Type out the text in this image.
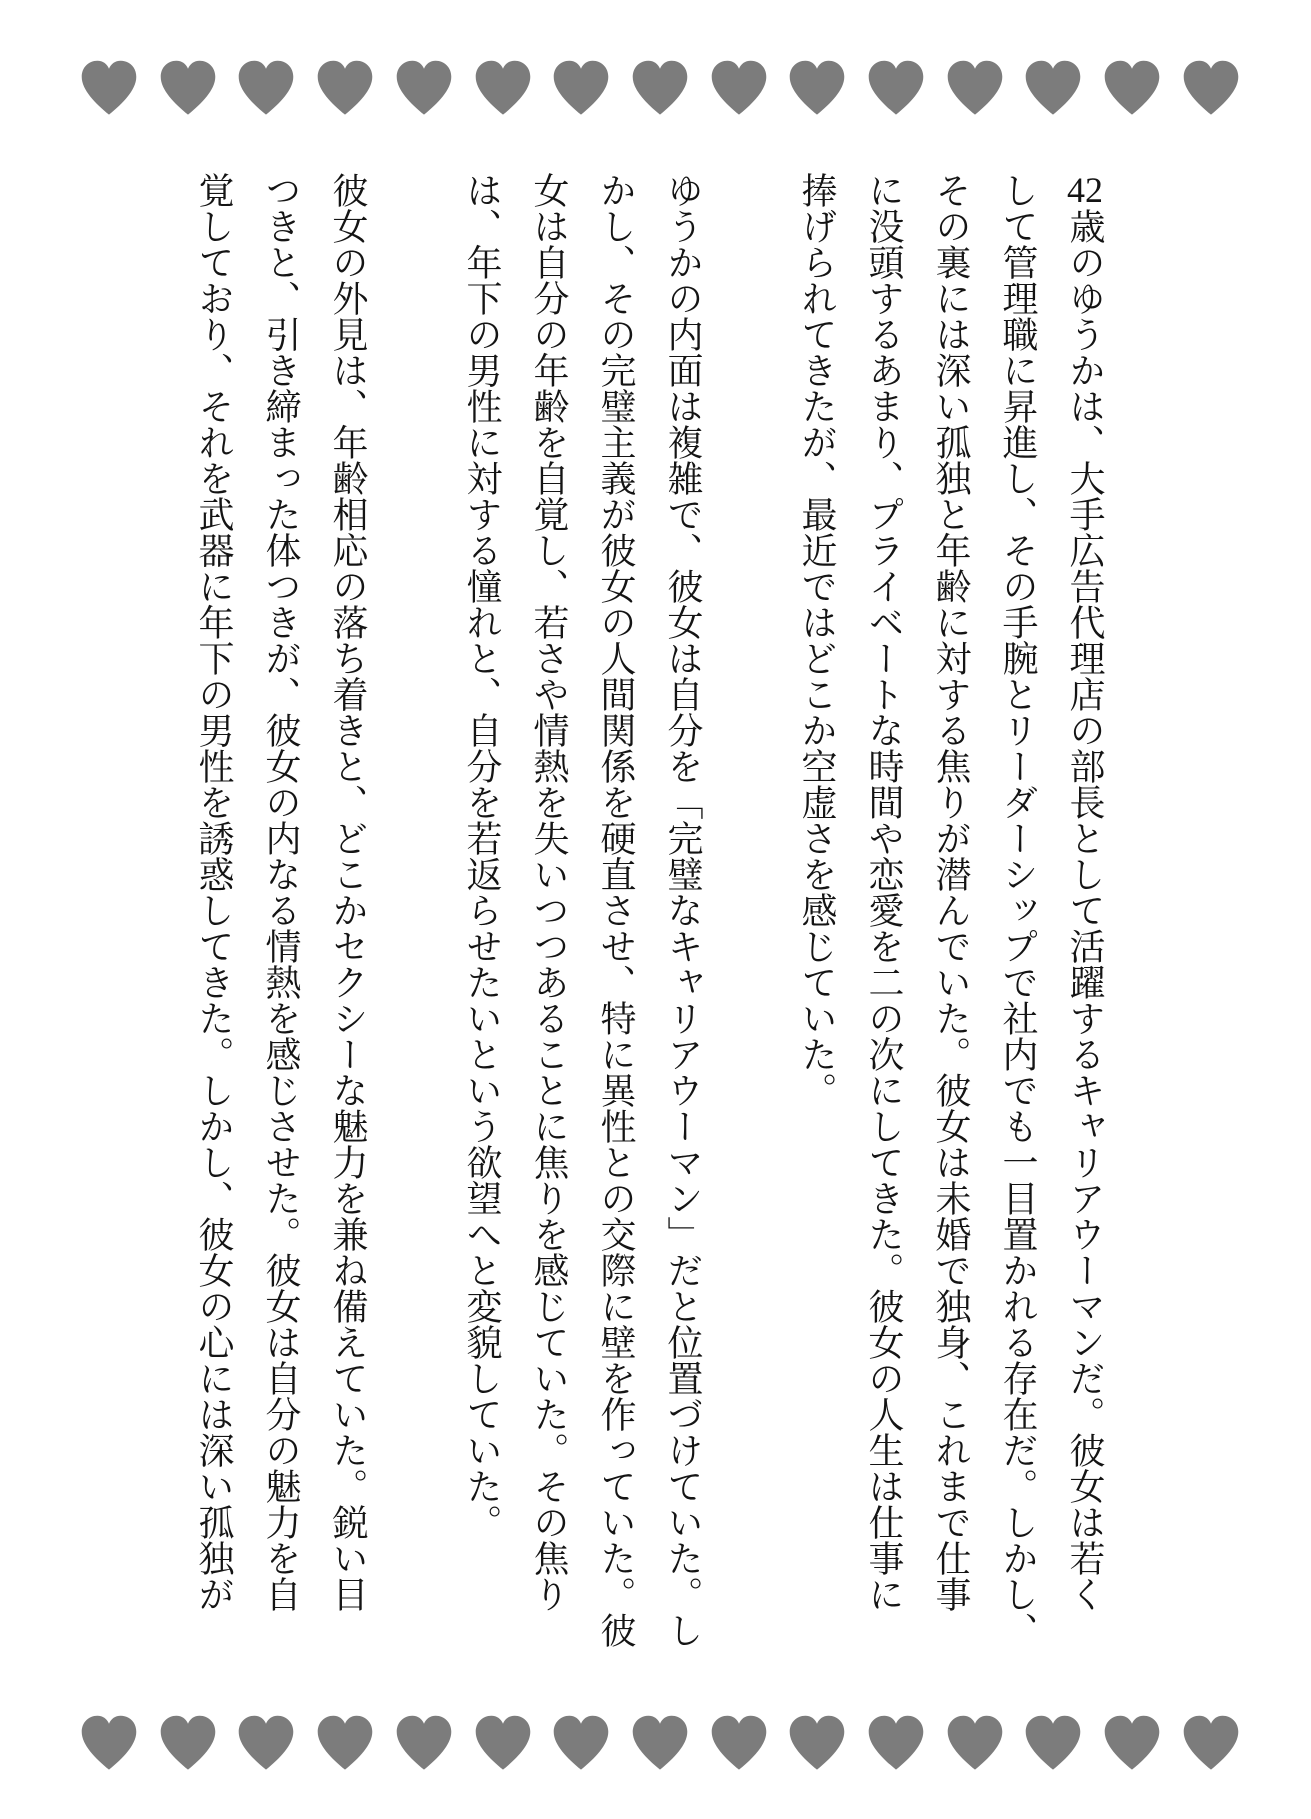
42歳のゆうかは、大手広告代理店の部長として活躍するキャリアウーマンだ。彼女は若く
して管理職に昇進し、その手腕とリーダーシップで社内でも一目置かれる存在だ。しかし、
その裏には深い孤独と年齢に対する焦りが潜んでいた。彼女は未婚で独身、これまで仕事
に没頭するあまり、プライベートな時間や恋愛を二の次にしてきた。彼女の人生は仕事に
捧げられてきたが、最近ではどこか空虚さを感じていた。

ゆうかの内面は複雑で、彼女は自分を「完璧なキャリアウーマン」だと位置づけていた。し
かし、その完璧主義が彼女の人間関係を硬直させ、特に異性との交際に壁を作っていた。彼
女は自分の年齢を自覚し、若さや情熱を失いつつあることに焦りを感じていた。その焦り
は、年下の男性に対する憧れと、自分を若返らせたいという欲望へと変貌していた。

彼女の外見は、年齢相応の落ち着きと、どこかセクシーな魅力を兼ね備えていた。鋭い目
つきと、引き締まった体つきが、彼女の内なる情熱を感じさせた。彼女は自分の魅力を自
覚しており、それを武器に年下の男性を誘惑してきた。しかし、彼女の心には深い孤独が
